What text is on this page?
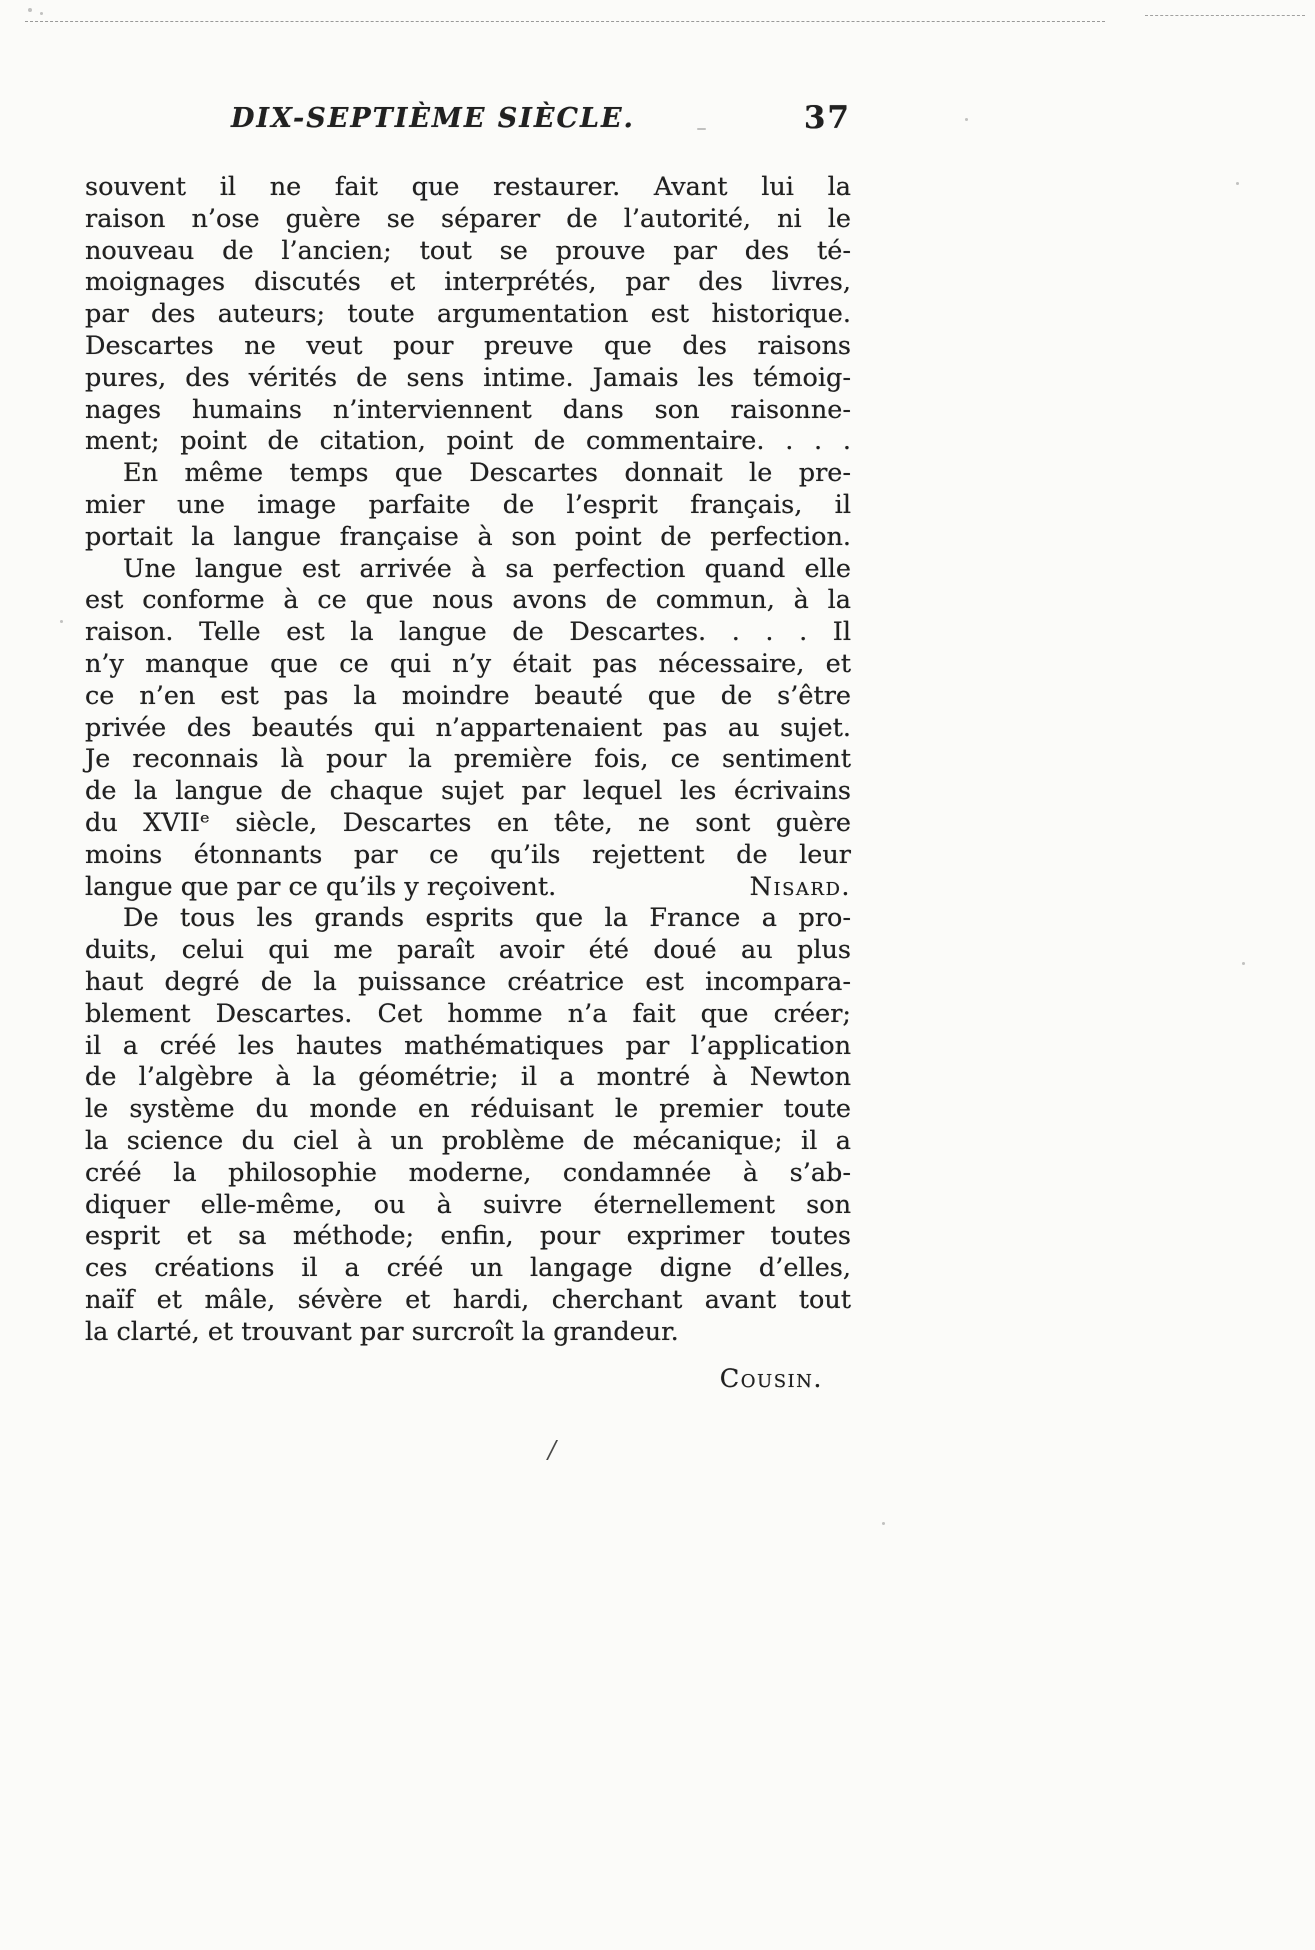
DIX-SEPTIÈME SIÈCLE.	37
souvent il ne fait que restaurer. Avant lui la
raison n’ose guère se séparer de l’autorité, ni le
nouveau de l’ancien; tout se prouve par des té-
moignages discutés et interprétés, par des livres,
par des auteurs; toute argumentation est historique.
Descartes ne veut pour preuve que des raisons
pures, des vérités de sens intime. Jamais les témoig-
nages humains n’interviennent dans son raisonne-
ment; point de citation, point de commentaire. . . .
En même temps que Descartes donnait le pre-
mier une image parfaite de l’esprit français, il
portait la langue française à son point de perfection.
Une langue est arrivée à sa perfection quand elle
est conforme à ce que nous avons de commun, à la
raison. Telle est la langue de Descartes. . . . Il
n’y manque que ce qui n’y était pas nécessaire, et
ce n’en est pas la moindre beauté que de s’être
privée des beautés qui n’appartenaient pas au sujet.
Je reconnais là pour la première fois, ce sentiment
de la langue de chaque sujet par lequel les écrivains
du XVIIᵉ siècle, Descartes en tête, ne sont guère
moins étonnants par ce qu’ils rejettent de leur
langue que par ce qu’ils y reçoivent.	Nisard.
De tous les grands esprits que la France a pro-
duits, celui qui me paraît avoir été doué au plus
haut degré de la puissance créatrice est incompara-
blement Descartes. Cet homme n’a fait que créer;
il a créé les hautes mathématiques par l’application
de l’algèbre à la géométrie; il a montré à Newton
le système du monde en réduisant le premier toute
la science du ciel à un problème de mécanique; il a
créé la philosophie moderne, condamnée à s’ab-
diquer elle-même, ou à suivre éternellement son
esprit et sa méthode; enfin, pour exprimer toutes
ces créations il a créé un langage digne d’elles,
naïf et mâle, sévère et hardi, cherchant avant tout
la clarté, et trouvant par surcroît la grandeur.
Cousin.
/
